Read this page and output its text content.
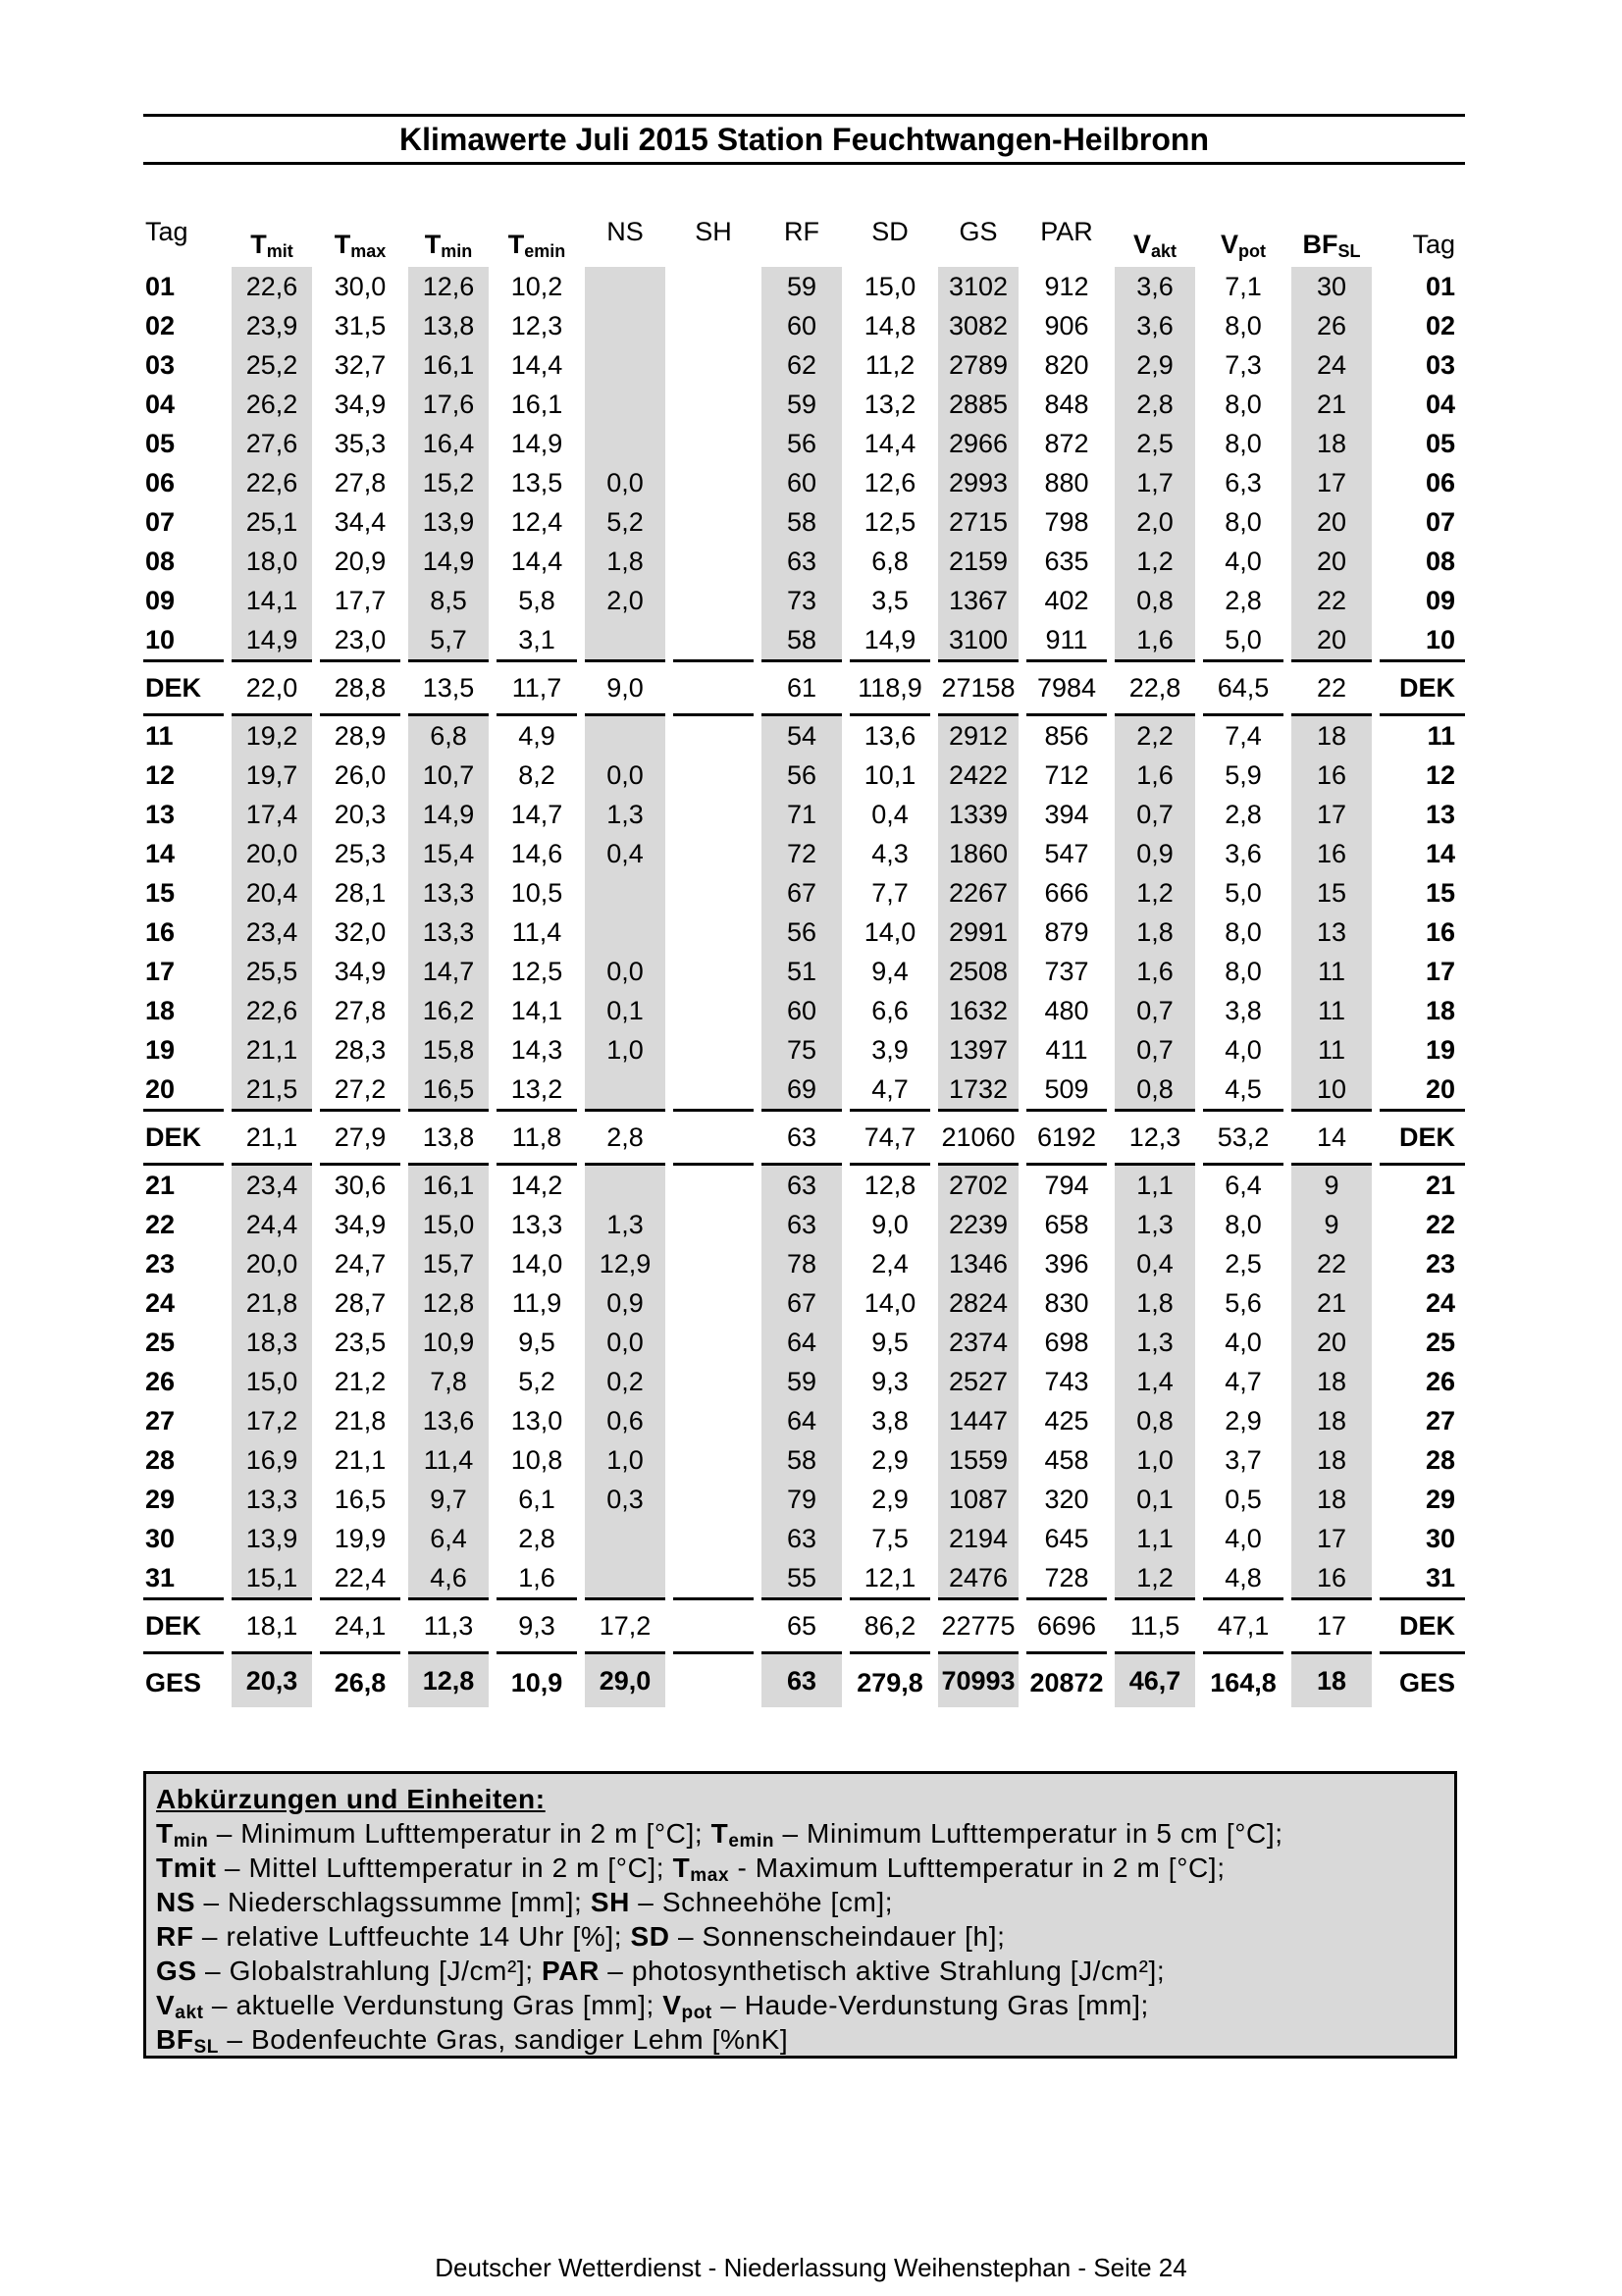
Klimawerte Juli 2015 Station Feuchtwangen-Heilbronn
Tag	$T_{mit}$	$T_{max}$	$T_{min}$	$T_{emin}$	NS	SH	RF	SD	GS	PAR	$V_{akt}$	$V_{pot}$	$BF_{SL}$	Tag
01	22,6	30,0	12,6	10,2			59	15,0	3102	912	3,6	7,1	30	01
02	23,9	31,5	13,8	12,3			60	14,8	3082	906	3,6	8,0	26	02
03	25,2	32,7	16,1	14,4			62	11,2	2789	820	2,9	7,3	24	03
04	26,2	34,9	17,6	16,1			59	13,2	2885	848	2,8	8,0	21	04
05	27,6	35,3	16,4	14,9			56	14,4	2966	872	2,5	8,0	18	05
06	22,6	27,8	15,2	13,5	0,0		60	12,6	2993	880	1,7	6,3	17	06
07	25,1	34,4	13,9	12,4	5,2		58	12,5	2715	798	2,0	8,0	20	07
08	18,0	20,9	14,9	14,4	1,8		63	6,8	2159	635	1,2	4,0	20	08
09	14,1	17,7	8,5	5,8	2,0		73	3,5	1367	402	0,8	2,8	22	09
10	14,9	23,0	5,7	3,1			58	14,9	3100	911	1,6	5,0	20	10
DEK	22,0	28,8	13,5	11,7	9,0		61	118,9	27158	7984	22,8	64,5	22	DEK
11	19,2	28,9	6,8	4,9			54	13,6	2912	856	2,2	7,4	18	11
12	19,7	26,0	10,7	8,2	0,0		56	10,1	2422	712	1,6	5,9	16	12
13	17,4	20,3	14,9	14,7	1,3		71	0,4	1339	394	0,7	2,8	17	13
14	20,0	25,3	15,4	14,6	0,4		72	4,3	1860	547	0,9	3,6	16	14
15	20,4	28,1	13,3	10,5			67	7,7	2267	666	1,2	5,0	15	15
16	23,4	32,0	13,3	11,4			56	14,0	2991	879	1,8	8,0	13	16
17	25,5	34,9	14,7	12,5	0,0		51	9,4	2508	737	1,6	8,0	11	17
18	22,6	27,8	16,2	14,1	0,1		60	6,6	1632	480	0,7	3,8	11	18
19	21,1	28,3	15,8	14,3	1,0		75	3,9	1397	411	0,7	4,0	11	19
20	21,5	27,2	16,5	13,2			69	4,7	1732	509	0,8	4,5	10	20
DEK	21,1	27,9	13,8	11,8	2,8		63	74,7	21060	6192	12,3	53,2	14	DEK
21	23,4	30,6	16,1	14,2			63	12,8	2702	794	1,1	6,4	9	21
22	24,4	34,9	15,0	13,3	1,3		63	9,0	2239	658	1,3	8,0	9	22
23	20,0	24,7	15,7	14,0	12,9		78	2,4	1346	396	0,4	2,5	22	23
24	21,8	28,7	12,8	11,9	0,9		67	14,0	2824	830	1,8	5,6	21	24
25	18,3	23,5	10,9	9,5	0,0		64	9,5	2374	698	1,3	4,0	20	25
26	15,0	21,2	7,8	5,2	0,2		59	9,3	2527	743	1,4	4,7	18	26
27	17,2	21,8	13,6	13,0	0,6		64	3,8	1447	425	0,8	2,9	18	27
28	16,9	21,1	11,4	10,8	1,0		58	2,9	1559	458	1,0	3,7	18	28
29	13,3	16,5	9,7	6,1	0,3		79	2,9	1087	320	0,1	0,5	18	29
30	13,9	19,9	6,4	2,8			63	7,5	2194	645	1,1	4,0	17	30
31	15,1	22,4	4,6	1,6			55	12,1	2476	728	1,2	4,8	16	31
DEK	18,1	24,1	11,3	9,3	17,2		65	86,2	22775	6696	11,5	47,1	17	DEK
GES	20,3	26,8	12,8	10,9	29,0		63	279,8	70993	20872	46,7	164,8	18	GES
Abkürzungen und Einheiten:
$T_{min}$ – Minimum Lufttemperatur in 2 m [°C]; $T_{emin}$ – Minimum Lufttemperatur in 5 cm [°C];
Tmit – Mittel Lufttemperatur in 2 m [°C]; $T_{max}$ - Maximum Lufttemperatur in 2 m [°C];
NS – Niederschlagssumme [mm]; SH – Schneehöhe [cm];
RF – relative Luftfeuchte 14 Uhr [%]; SD – Sonnenscheindauer [h];
GS – Globalstrahlung [J/cm²]; PAR – photosynthetisch aktive Strahlung [J/cm²];
$V_{akt}$ – aktuelle Verdunstung Gras [mm]; $V_{pot}$ – Haude-Verdunstung Gras [mm];
$BF_{SL}$ – Bodenfeuchte Gras, sandiger Lehm [%nK]
Deutscher Wetterdienst - Niederlassung Weihenstephan - Seite 24
